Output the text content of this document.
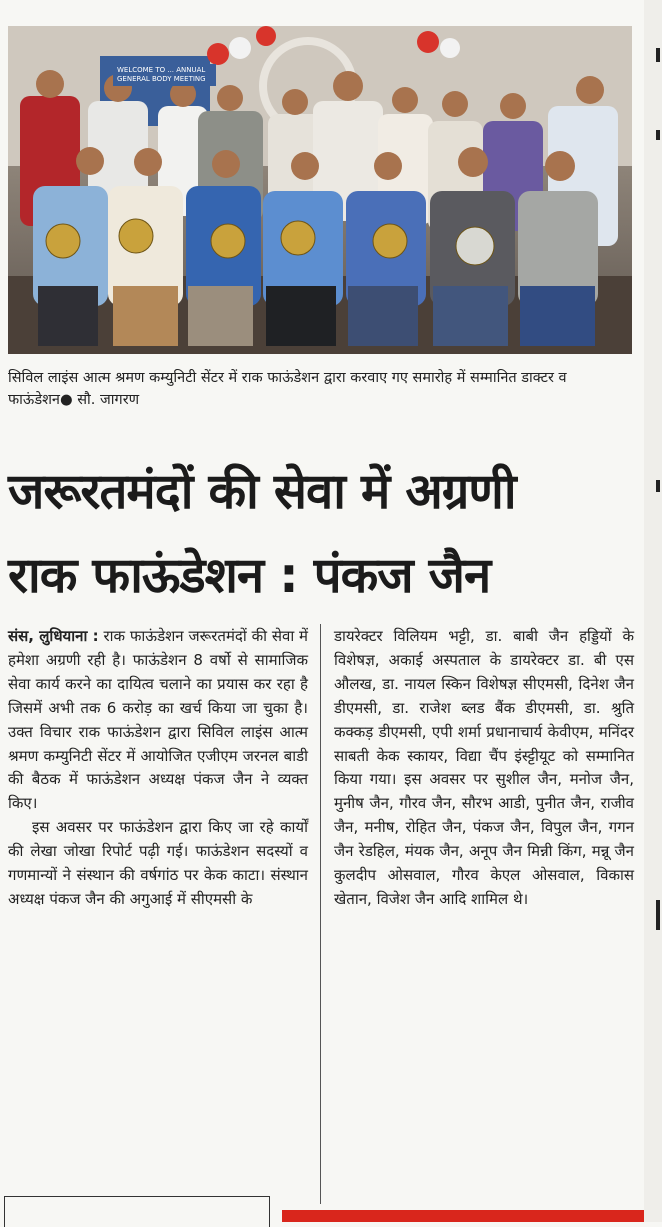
WELCOME TO ... ANNUAL GENERAL BODY MEETING
सिविल लाइंस आत्म श्रमण कम्युनिटी सेंटर में राक फाऊंडेशन द्वारा करवाए गए समारोह में सम्मानित डाक्टर व फाऊंडेशन● सौ. जागरण
जरूरतमंदों की सेवा में अग्रणी
राक फाऊंडेशन : पंकज जैन

संस, लुधियाना : राक फाऊंडेशन जरूरतमंदों की सेवा में हमेशा अग्रणी रही है। फाऊंडेशन 8 वर्षो से सामाजिक सेवा कार्य करने का दायित्व चलाने का प्रयास कर रहा है जिसमें अभी तक 6 करोड़ का खर्च किया जा चुका है। उक्त विचार राक फाऊंडेशन द्वारा सिविल लाइंस आत्म श्रमण कम्युनिटी सेंटर में आयोजित एजीएम जरनल बाडी की बैठक में फाऊंडेशन अध्यक्ष पंकज जैन ने व्यक्त किए।

इस अवसर पर फाऊंडेशन द्वारा किए जा रहे कार्यों की लेखा जोखा रिपोर्ट पढ़ी गई। फाऊंडेशन सदस्यों व गणमान्यों ने संस्थान की वर्षगांठ पर केक काटा। संस्थान अध्यक्ष पंकज जैन की अगुआई में सीएमसी के

डायरेक्टर विलियम भट्टी, डा. बाबी जैन हड्डियों के विशेषज्ञ, अकाई अस्पताल के डायरेक्टर डा. बी एस औलख, डा. नायल स्किन विशेषज्ञ सीएमसी, दिनेश जैन डीएमसी, डा. राजेश ब्लड बैंक डीएमसी, डा. श्रुति कक्कड़ डीएमसी, एपी शर्मा प्रधानाचार्य केवीएम, मनिंदर साबती केक स्कायर, विद्या चैंप इंस्ट्टीयूट को सम्मानित किया गया। इस अवसर पर सुशील जैन, मनोज जैन, मुनीष जैन, गौरव जैन, सौरभ आडी, पुनीत जैन, राजीव जैन, मनीष, रोहित जैन, पंकज जैन, विपुल जैन, गगन जैन रेडहिल, मंयक जैन, अनूप जैन मिन्नी किंग, मन्नू जैन कुलदीप ओसवाल, गौरव केएल ओसवाल, विकास खेतान, विजेश जैन आदि शामिल थे।
